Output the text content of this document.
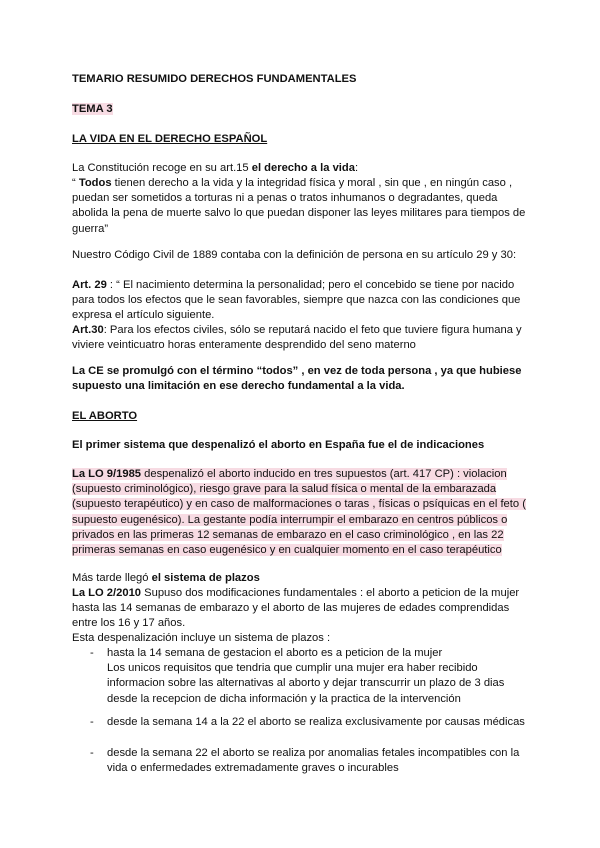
TEMARIO RESUMIDO DERECHOS FUNDAMENTALES

TEMA 3

LA VIDA EN EL DERECHO ESPAÑOL

La Constitución recoge en su art.15 el derecho a la vida:

“ Todos tienen derecho a la vida y la integridad física y moral , sin que , en ningún caso , puedan ser sometidos a torturas ni a penas o tratos inhumanos o degradantes, queda abolida la pena de muerte salvo lo que puedan disponer las leyes militares para tiempos de guerra”

Nuestro Código Civil de 1889 contaba con la definición de persona en su artículo 29 y 30:

Art. 29 : “ El nacimiento determina la personalidad; pero el concebido se tiene por nacido para todos los efectos que le sean favorables, siempre que nazca con las condiciones que expresa el artículo siguiente.

Art.30: Para los efectos civiles, sólo se reputará nacido el feto que tuviere figura humana y viviere veinticuatro horas enteramente desprendido del seno materno

La CE se promulgó con el término “todos” , en vez de toda persona , ya que hubiese supuesto una limitación en ese derecho fundamental a la vida.

EL ABORTO

El primer sistema que despenalizó el aborto en España fue el de indicaciones

La LO 9/1985 despenalizó el aborto inducido en tres supuestos (art. 417 CP) : violacion (supuesto criminológico), riesgo grave para la salud física o mental de la embarazada (supuesto terapéutico) y en caso de malformaciones o taras , físicas o psíquicas en el feto ( supuesto eugenésico). La gestante podía interrumpir el embarazo en centros públicos o privados en las primeras 12 semanas de embarazo en el caso criminológico , en las 22 primeras semanas en caso eugenésico y en cualquier momento en el caso terapéutico

Más tarde llegó el sistema de plazos

La LO 2/2010 Supuso dos modificaciones fundamentales : el aborto a peticion de la mujer hasta las 14 semanas de embarazo y el aborto de las mujeres de edades comprendidas entre los 16 y 17 años.

Esta despenalización incluye un sistema de plazos :

- hasta la 14 semana de gestacion el aborto es a peticion de la mujer

Los unicos requisitos que tendria que cumplir una mujer era haber recibido informacion sobre las alternativas al aborto y dejar transcurrir un plazo de 3 dias desde la recepcion de dicha información y la practica de la intervención

- desde la semana 14 a la 22 el aborto se realiza exclusivamente por causas médicas

- desde la semana 22 el aborto se realiza por anomalias fetales incompatibles con la vida o enfermedades extremadamente graves o incurables
